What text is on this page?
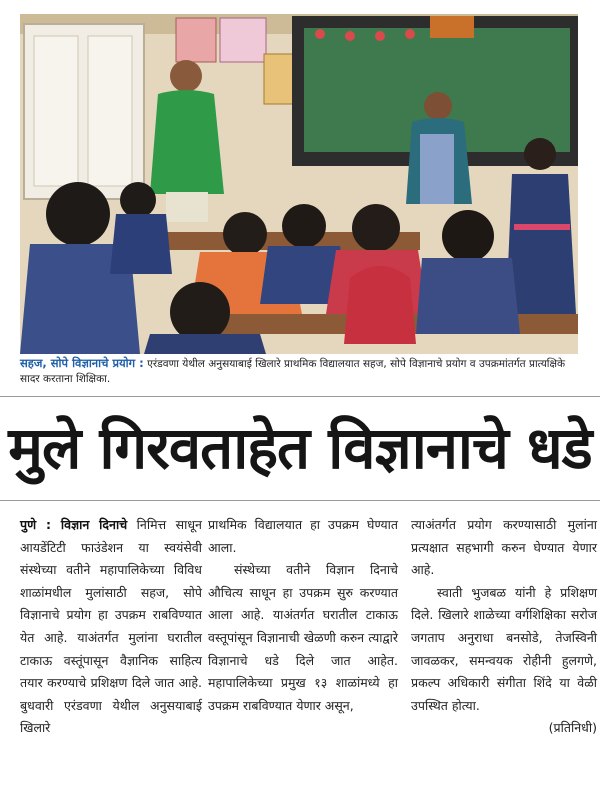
सहज, सोपे विज्ञानाचे प्रयोग : एरंडवणा येथील अनुसयाबाई खिलारे प्राथमिक विद्यालयात सहज, सोपे विज्ञानाचे प्रयोग व उपक्रमांतर्गत प्रात्यक्षिके सादर करताना शिक्षिका.
मुले गिरवताहेत विज्ञानाचे धडे

पुणे : विज्ञान दिनाचे निमित्त साधून आयडेंटिटी फाउंडेशन या स्वयंसेवी संस्थेच्या वतीने महापालिकेच्या विविध शाळांमधील मुलांसाठी सहज, सोपे विज्ञानाचे प्रयोग हा उपक्रम राबविण्यात येत आहे. याअंतर्गत मुलांना घरातील टाकाऊ वस्तूंपासून वैज्ञानिक साहित्य तयार करण्याचे प्रशिक्षण दिले जात आहे. बुधवारी एरंडवणा येथील अनुसयाबाई खिलारे

प्राथमिक विद्यालयात हा उपक्रम घेण्यात आला.

संस्थेच्या वतीने विज्ञान दिनाचे औचित्य साधून हा उपक्रम सुरु करण्यात आला आहे. याअंतर्गत घरातील टाकाऊ वस्तूपांसून विज्ञानाची खेळणी करुन त्याद्वारे विज्ञानाचे धडे दिले जात आहेत. महापालिकेच्या प्रमुख १३ शाळांमध्ये हा उपक्रम राबविण्यात येणार असून,

त्याअंतर्गत प्रयोग करण्यासाठी मुलांना प्रत्यक्षात सहभागी करुन घेण्यात येणार आहे.

स्वाती भुजबळ यांनी हे प्रशिक्षण दिले. खिलारे शाळेच्या वर्गशिक्षिका सरोज जगताप अनुराधा बनसोडे, तेजस्विनी जावळकर, समन्वयक रोहीनी हुलगणे, प्रकल्प अधिकारी संगीता शिंदे या वेळी उपस्थित होत्या.

(प्रतिनिधी)
